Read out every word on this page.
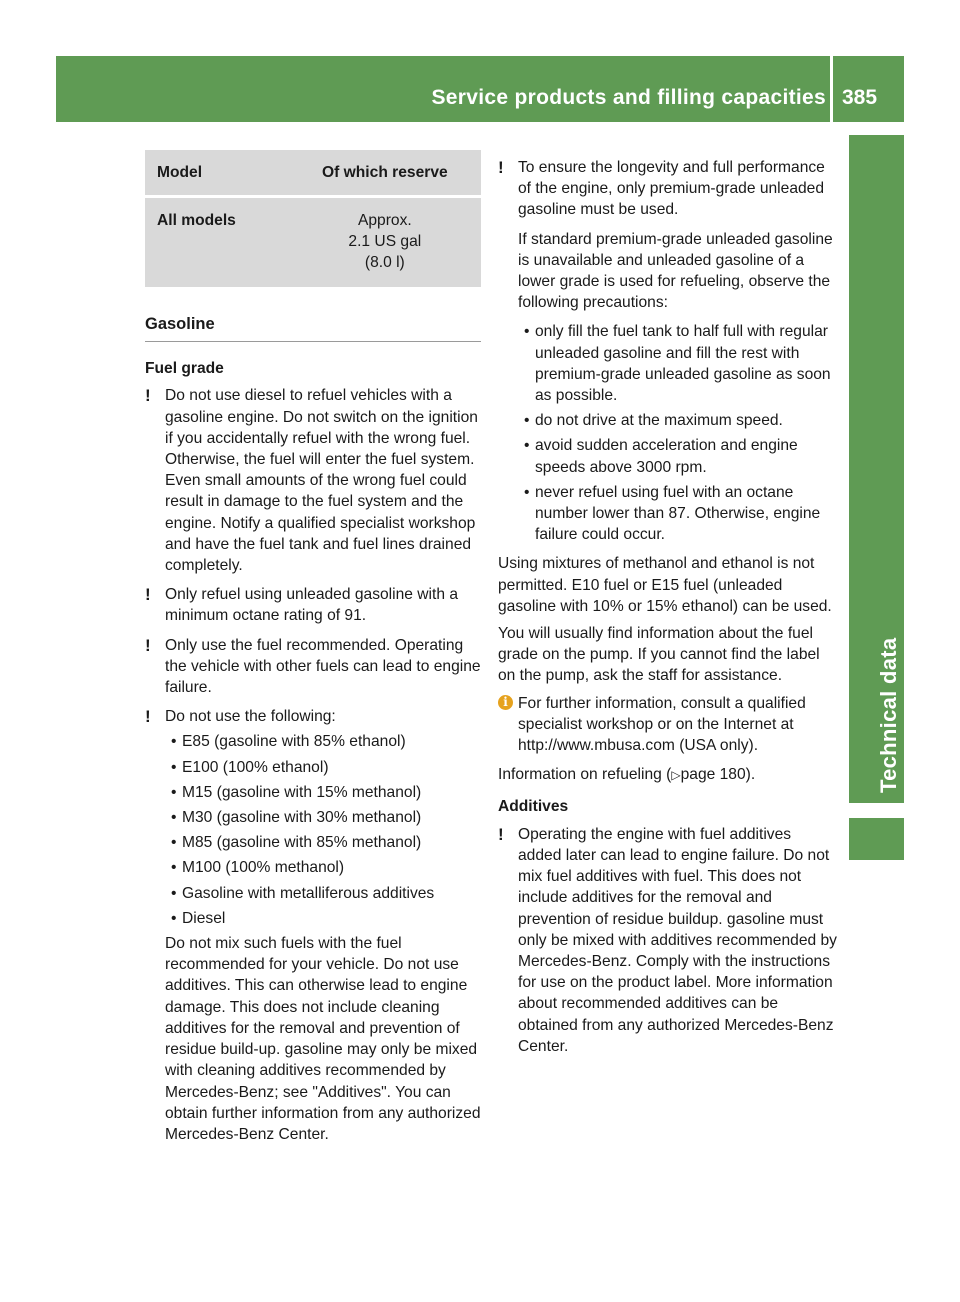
Service products and filling capacities 385
Technical data
Model	Of which reserve
All models	Approx.
2.1 US gal
(8.0 l)
Gasoline
Fuel grade
! Do not use diesel to refuel vehicles with a gasoline engine. Do not switch on the ignition if you accidentally refuel with the wrong fuel. Otherwise, the fuel will enter the fuel system. Even small amounts of the wrong fuel could result in damage to the fuel system and the engine. Notify a qualified specialist workshop and have the fuel tank and fuel lines drained completely.
! Only refuel using unleaded gasoline with a minimum octane rating of 91.
! Only use the fuel recommended. Operating the vehicle with other fuels can lead to engine failure.
! Do not use the following:
• E85 (gasoline with 85% ethanol)
• E100 (100% ethanol)
• M15 (gasoline with 15% methanol)
• M30 (gasoline with 30% methanol)
• M85 (gasoline with 85% methanol)
• M100 (100% methanol)
• Gasoline with metalliferous additives
• Diesel
Do not mix such fuels with the fuel recommended for your vehicle. Do not use additives. This can otherwise lead to engine damage. This does not include cleaning additives for the removal and prevention of residue build-up. gasoline may only be mixed with cleaning additives recommended by Mercedes-Benz; see "Additives". You can obtain further information from any authorized Mercedes-Benz Center.
! To ensure the longevity and full performance of the engine, only premium-grade unleaded gasoline must be used.

If standard premium-grade unleaded gasoline is unavailable and unleaded gasoline of a lower grade is used for refueling, observe the following precautions:

• only fill the fuel tank to half full with regular unleaded gasoline and fill the rest with premium-grade unleaded gasoline as soon as possible.
• do not drive at the maximum speed.
• avoid sudden acceleration and engine speeds above 3000 rpm.
• never refuel using fuel with an octane number lower than 87. Otherwise, engine failure could occur.

Using mixtures of methanol and ethanol is not permitted. E10 fuel or E15 fuel (unleaded gasoline with 10% or 15% ethanol) can be used.

You will usually find information about the fuel grade on the pump. If you cannot find the label on the pump, ask the staff for assistance.

i For further information, consult a qualified specialist workshop or on the Internet at http://www.mbusa.com (USA only).

Information on refueling (▷page 180).

Additives
! Operating the engine with fuel additives added later can lead to engine failure. Do not mix fuel additives with fuel. This does not include additives for the removal and prevention of residue buildup. gasoline must only be mixed with additives recommended by Mercedes-Benz. Comply with the instructions for use on the product label. More information about recommended additives can be obtained from any authorized Mercedes-Benz Center.
